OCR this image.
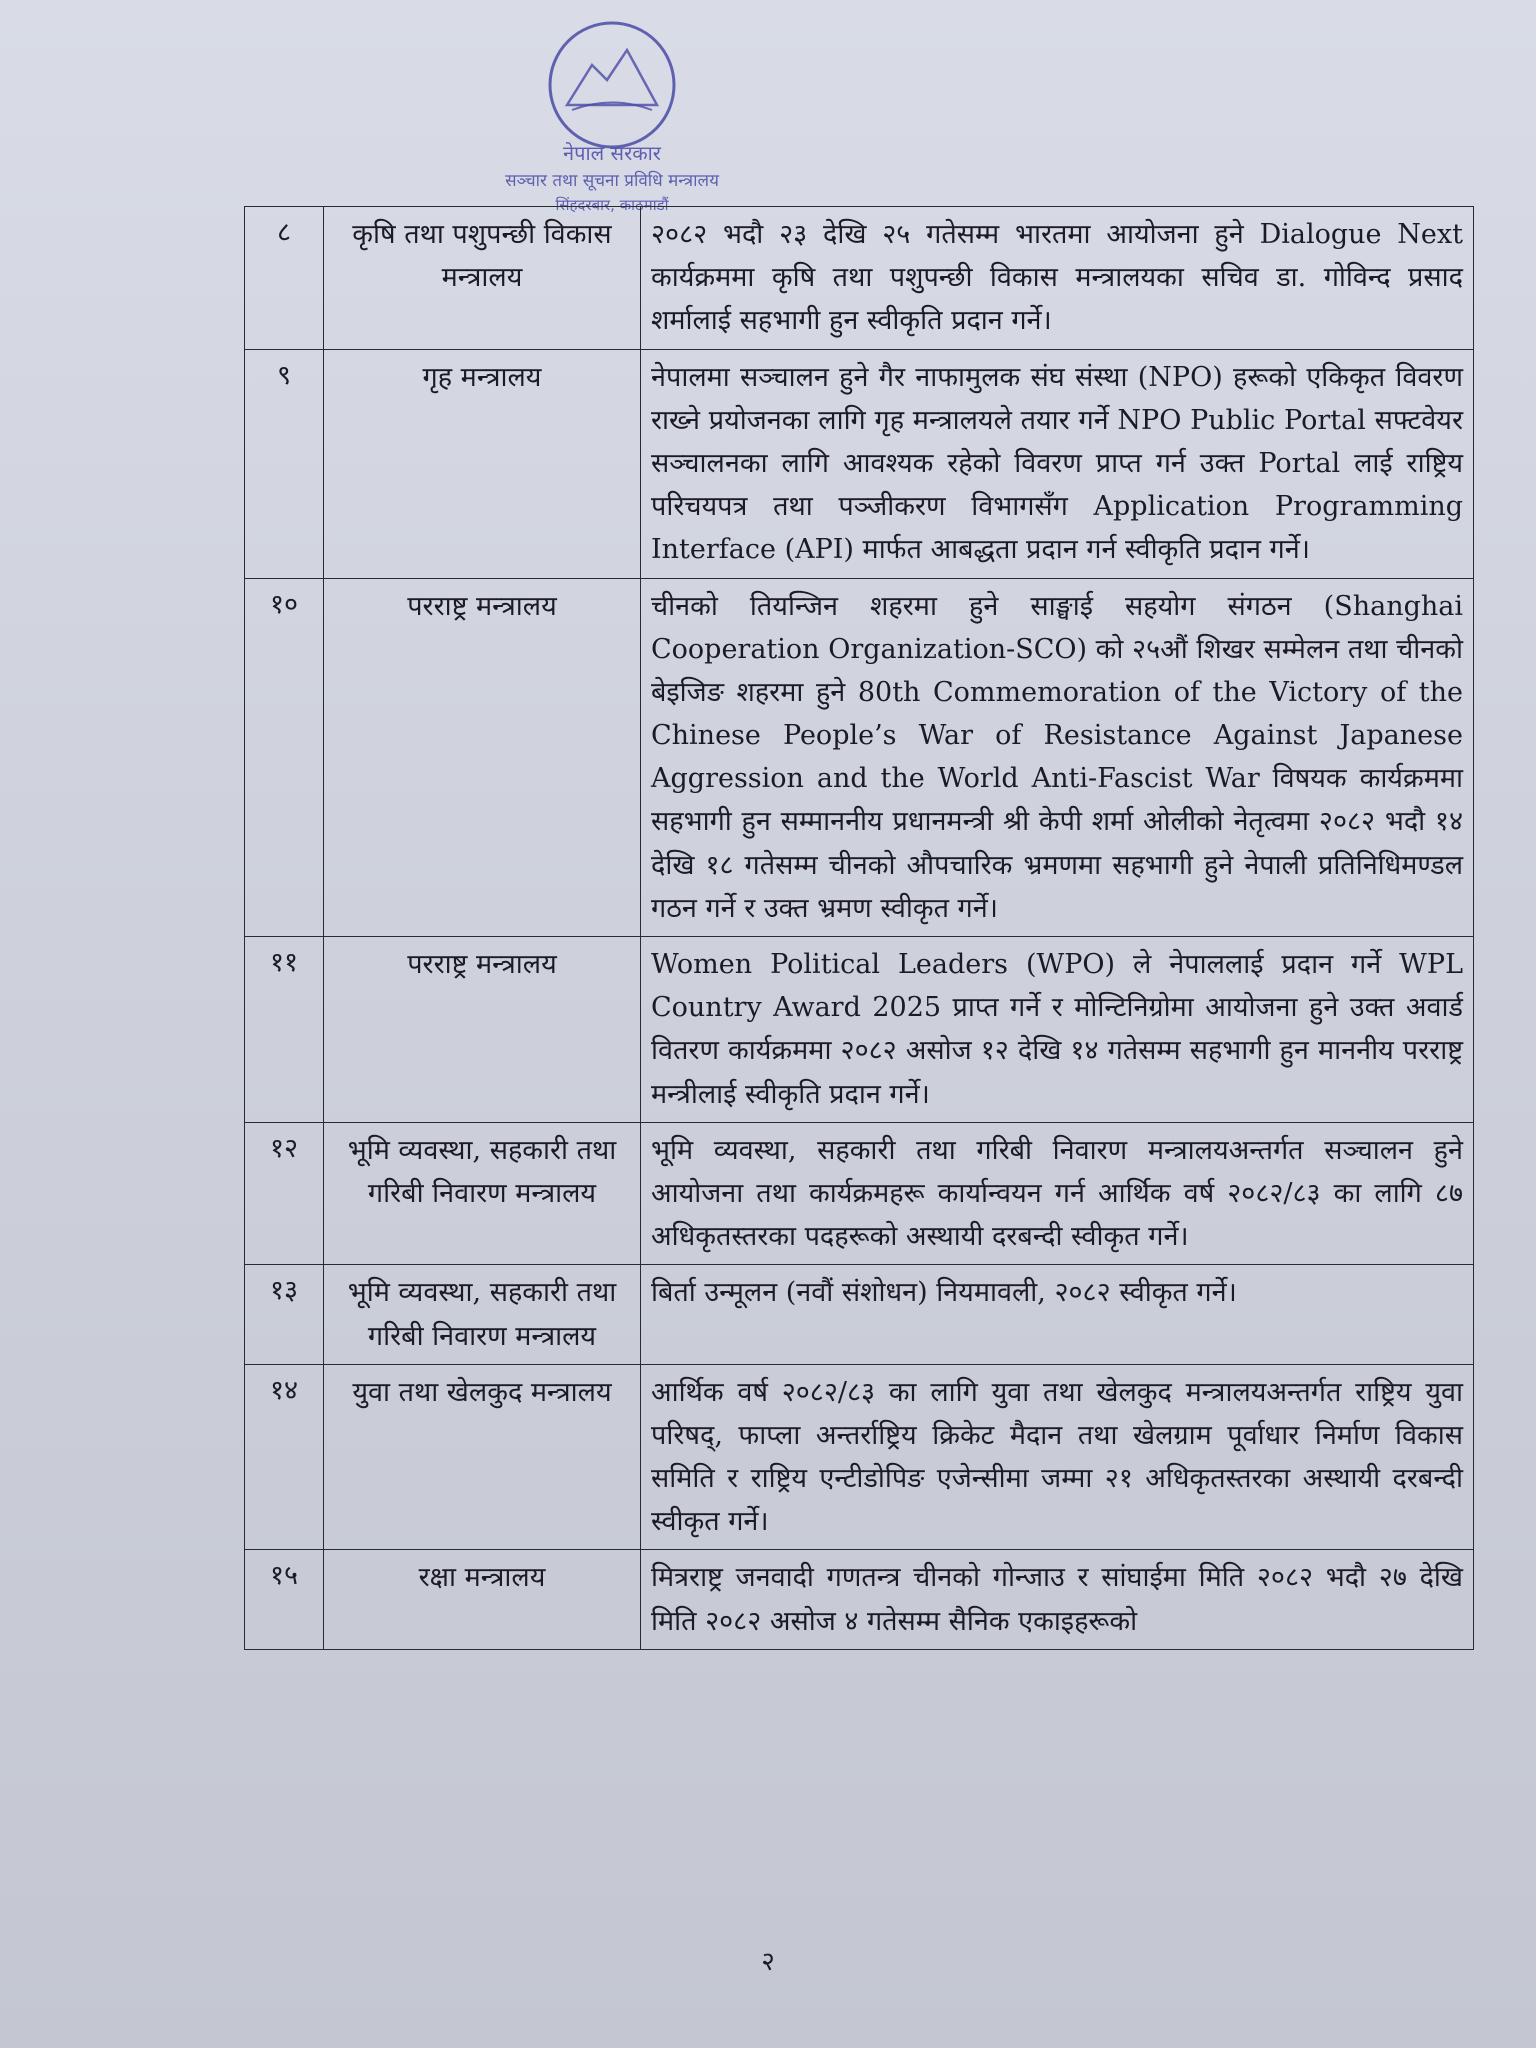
नेपाल सरकार
सञ्चार तथा सूचना प्रविधि मन्त्रालय
सिंहदरबार, काठमाडौं
८	कृषि तथा पशुपन्छी विकास मन्त्रालय	२०८२ भदौ २३ देखि २५ गतेसम्म भारतमा आयोजना हुने Dialogue Next कार्यक्रममा कृषि तथा पशुपन्छी विकास मन्त्रालयका सचिव डा. गोविन्द प्रसाद शर्मालाई सहभागी हुन स्वीकृति प्रदान गर्ने।
९	गृह मन्त्रालय	नेपालमा सञ्चालन हुने गैर नाफामुलक संघ संस्था (NPO) हरूको एकिकृत विवरण राख्ने प्रयोजनका लागि गृह मन्त्रालयले तयार गर्ने NPO Public Portal सफ्टवेयर सञ्चालनका लागि आवश्यक रहेको विवरण प्राप्त गर्न उक्त Portal लाई राष्ट्रिय परिचयपत्र तथा पञ्जीकरण विभागसँग Application Programming Interface (API) मार्फत आबद्धता प्रदान गर्न स्वीकृति प्रदान गर्ने।
१०	परराष्ट्र मन्त्रालय	चीनको तियन्जिन शहरमा हुने साङ्घाई सहयोग संगठन (Shanghai Cooperation Organization-SCO) को २५औं शिखर सम्मेलन तथा चीनको बेइजिङ शहरमा हुने 80th Commemoration of the Victory of the Chinese People’s War of Resistance Against Japanese Aggression and the World Anti-Fascist War विषयक कार्यक्रममा सहभागी हुन सम्माननीय प्रधानमन्त्री श्री केपी शर्मा ओलीको नेतृत्वमा २०८२ भदौ १४ देखि १८ गतेसम्म चीनको औपचारिक भ्रमणमा सहभागी हुने नेपाली प्रतिनिधिमण्डल गठन गर्ने र उक्त भ्रमण स्वीकृत गर्ने।
११	परराष्ट्र मन्त्रालय	Women Political Leaders (WPO) ले नेपाललाई प्रदान गर्ने WPL Country Award 2025 प्राप्त गर्ने र मोन्टिनिग्रोमा आयोजना हुने उक्त अवार्ड वितरण कार्यक्रममा २०८२ असोज १२ देखि १४ गतेसम्म सहभागी हुन माननीय परराष्ट्र मन्त्रीलाई स्वीकृति प्रदान गर्ने।
१२	भूमि व्यवस्था, सहकारी तथा गरिबी निवारण मन्त्रालय	भूमि व्यवस्था, सहकारी तथा गरिबी निवारण मन्त्रालयअन्तर्गत सञ्चालन हुने आयोजना तथा कार्यक्रमहरू कार्यान्वयन गर्न आर्थिक वर्ष २०८२/८३ का लागि ८७ अधिकृतस्तरका पदहरूको अस्थायी दरबन्दी स्वीकृत गर्ने।
१३	भूमि व्यवस्था, सहकारी तथा गरिबी निवारण मन्त्रालय	बिर्ता उन्मूलन (नवौं संशोधन) नियमावली, २०८२ स्वीकृत गर्ने।
१४	युवा तथा खेलकुद मन्त्रालय	आर्थिक वर्ष २०८२/८३ का लागि युवा तथा खेलकुद मन्त्रालयअन्तर्गत राष्ट्रिय युवा परिषद्, फाप्ला अन्तर्राष्ट्रिय क्रिकेट मैदान तथा खेलग्राम पूर्वाधार निर्माण विकास समिति र राष्ट्रिय एन्टीडोपिङ एजेन्सीमा जम्मा २१ अधिकृतस्तरका अस्थायी दरबन्दी स्वीकृत गर्ने।
१५	रक्षा मन्त्रालय	मित्रराष्ट्र जनवादी गणतन्त्र चीनको गोन्जाउ र सांघाईमा मिति २०८२ भदौ २७ देखि मिति २०८२ असोज ४ गतेसम्म सैनिक एकाइहरूको
२
